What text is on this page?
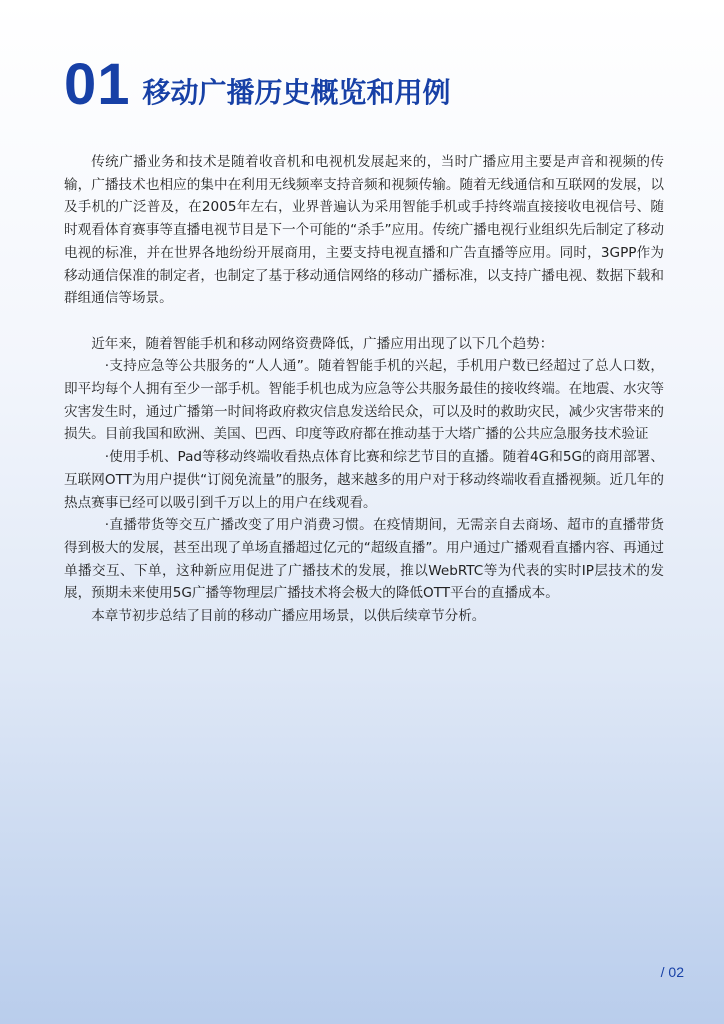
01 移动广播历史概览和用例

传统广播业务和技术是随着收音机和电视机发展起来的，当时广播应用主要是声音和视频的传输，广播技术也相应的集中在利用无线频率支持音频和视频传输。随着无线通信和互联网的发展，以及手机的广泛普及，在2005年左右，业界普遍认为采用智能手机或手持终端直接接收电视信号、随时观看体育赛事等直播电视节目是下一个可能的“杀手”应用。传统广播电视行业组织先后制定了移动电视的标准，并在世界各地纷纷开展商用，主要支持电视直播和广告直播等应用。同时，3GPP作为移动通信保准的制定者，也制定了基于移动通信网络的移动广播标准，以支持广播电视、数据下载和群组通信等场景。

近年来，随着智能手机和移动网络资费降低，广播应用出现了以下几个趋势：

·支持应急等公共服务的“人人通”。随着智能手机的兴起，手机用户数已经超过了总人口数，即平均每个人拥有至少一部手机。智能手机也成为应急等公共服务最佳的接收终端。在地震、水灾等灾害发生时，通过广播第一时间将政府救灾信息发送给民众，可以及时的救助灾民，减少灾害带来的损失。目前我国和欧洲、美国、巴西、印度等政府都在推动基于大塔广播的公共应急服务技术验证

·使用手机、Pad等移动终端收看热点体育比赛和综艺节目的直播。随着4G和5G的商用部署、互联网OTT为用户提供“订阅免流量”的服务，越来越多的用户对于移动终端收看直播视频。近几年的热点赛事已经可以吸引到千万以上的用户在线观看。

·直播带货等交互广播改变了用户消费习惯。在疫情期间，无需亲自去商场、超市的直播带货得到极大的发展，甚至出现了单场直播超过亿元的“超级直播”。用户通过广播观看直播内容、再通过单播交互、下单，这种新应用促进了广播技术的发展，推以WebRTC等为代表的实时IP层技术的发展，预期未来使用5G广播等物理层广播技术将会极大的降低OTT平台的直播成本。

本章节初步总结了目前的移动广播应用场景，以供后续章节分析。

/ 02
